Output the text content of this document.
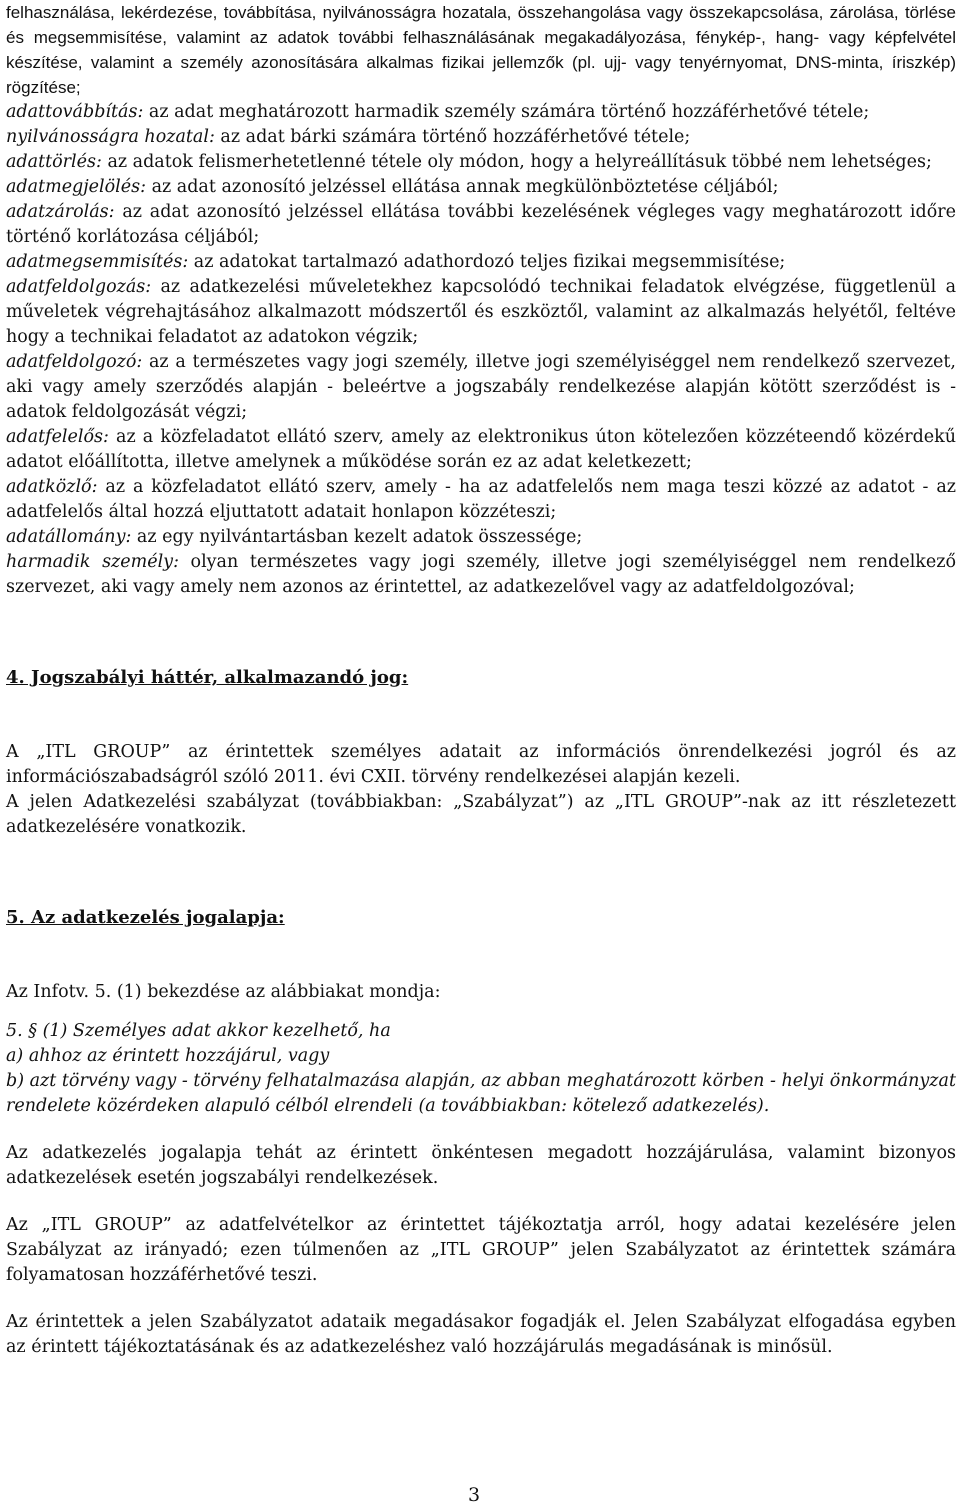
felhasználása, lekérdezése, továbbítása, nyilvánosságra hozatala, összehangolása vagy összekapcsolása, zárolása, törlése és megsemmisítése, valamint az adatok további felhasználásának megakadályozása, fénykép-, hang- vagy képfelvétel készítése, valamint a személy azonosítására alkalmas fizikai jellemzők (pl. ujj- vagy tenyérnyomat, DNS-minta, íriszkép) rögzítése;

adattovábbítás: az adat meghatározott harmadik személy számára történő hozzáférhetővé tétele;

nyilvánosságra hozatal: az adat bárki számára történő hozzáférhetővé tétele;

adattörlés: az adatok felismerhetetlenné tétele oly módon, hogy a helyreállításuk többé nem lehetséges;

adatmegjelölés: az adat azonosító jelzéssel ellátása annak megkülönböztetése céljából;

adatzárolás: az adat azonosító jelzéssel ellátása további kezelésének végleges vagy meghatározott időre történő korlátozása céljából;

adatmegsemmisítés: az adatokat tartalmazó adathordozó teljes fizikai megsemmisítése;

adatfeldolgozás: az adatkezelési műveletekhez kapcsolódó technikai feladatok elvégzése, függetlenül a műveletek végrehajtásához alkalmazott módszertől és eszköztől, valamint az alkalmazás helyétől, feltéve hogy a technikai feladatot az adatokon végzik;

adatfeldolgozó: az a természetes vagy jogi személy, illetve jogi személyiséggel nem rendelkező szervezet, aki vagy amely szerződés alapján - beleértve a jogszabály rendelkezése alapján kötött szerződést is - adatok feldolgozását végzi;

adatfelelős: az a közfeladatot ellátó szerv, amely az elektronikus úton kötelezően közzéteendő közérdekű adatot előállította, illetve amelynek a működése során ez az adat keletkezett;

adatközlő: az a közfeladatot ellátó szerv, amely - ha az adatfelelős nem maga teszi közzé az adatot - az adatfelelős által hozzá eljuttatott adatait honlapon közzéteszi;

adatállomány: az egy nyilvántartásban kezelt adatok összessége;

harmadik személy: olyan természetes vagy jogi személy, illetve jogi személyiséggel nem rendelkező szervezet, aki vagy amely nem azonos az érintettel, az adatkezelővel vagy az adatfeldolgozóval;

4. Jogszabályi háttér, alkalmazandó jog:

A „ITL GROUP” az érintettek személyes adatait az információs önrendelkezési jogról és az információszabadságról szóló 2011. évi CXII. törvény rendelkezései alapján kezeli.

A jelen Adatkezelési szabályzat (továbbiakban: „Szabályzat”) az „ITL GROUP”-nak az itt részletezett adatkezelésére vonatkozik.

5. Az adatkezelés jogalapja:

Az Infotv. 5. (1) bekezdése az alábbiakat mondja:

5. § (1) Személyes adat akkor kezelhető, ha

a) ahhoz az érintett hozzájárul, vagy

b) azt törvény vagy - törvény felhatalmazása alapján, az abban meghatározott körben - helyi önkormányzat rendelete közérdeken alapuló célból elrendeli (a továbbiakban: kötelező adatkezelés).

Az adatkezelés jogalapja tehát az érintett önkéntesen megadott hozzájárulása, valamint bizonyos adatkezelések esetén jogszabályi rendelkezések.

Az „ITL GROUP” az adatfelvételkor az érintettet tájékoztatja arról, hogy adatai kezelésére jelen Szabályzat az irányadó; ezen túlmenően az „ITL GROUP” jelen Szabályzatot az érintettek számára folyamatosan hozzáférhetővé teszi.

Az érintettek a jelen Szabályzatot adataik megadásakor fogadják el. Jelen Szabályzat elfogadása egyben az érintett tájékoztatásának és az adatkezeléshez való hozzájárulás megadásának is minősül.

3
